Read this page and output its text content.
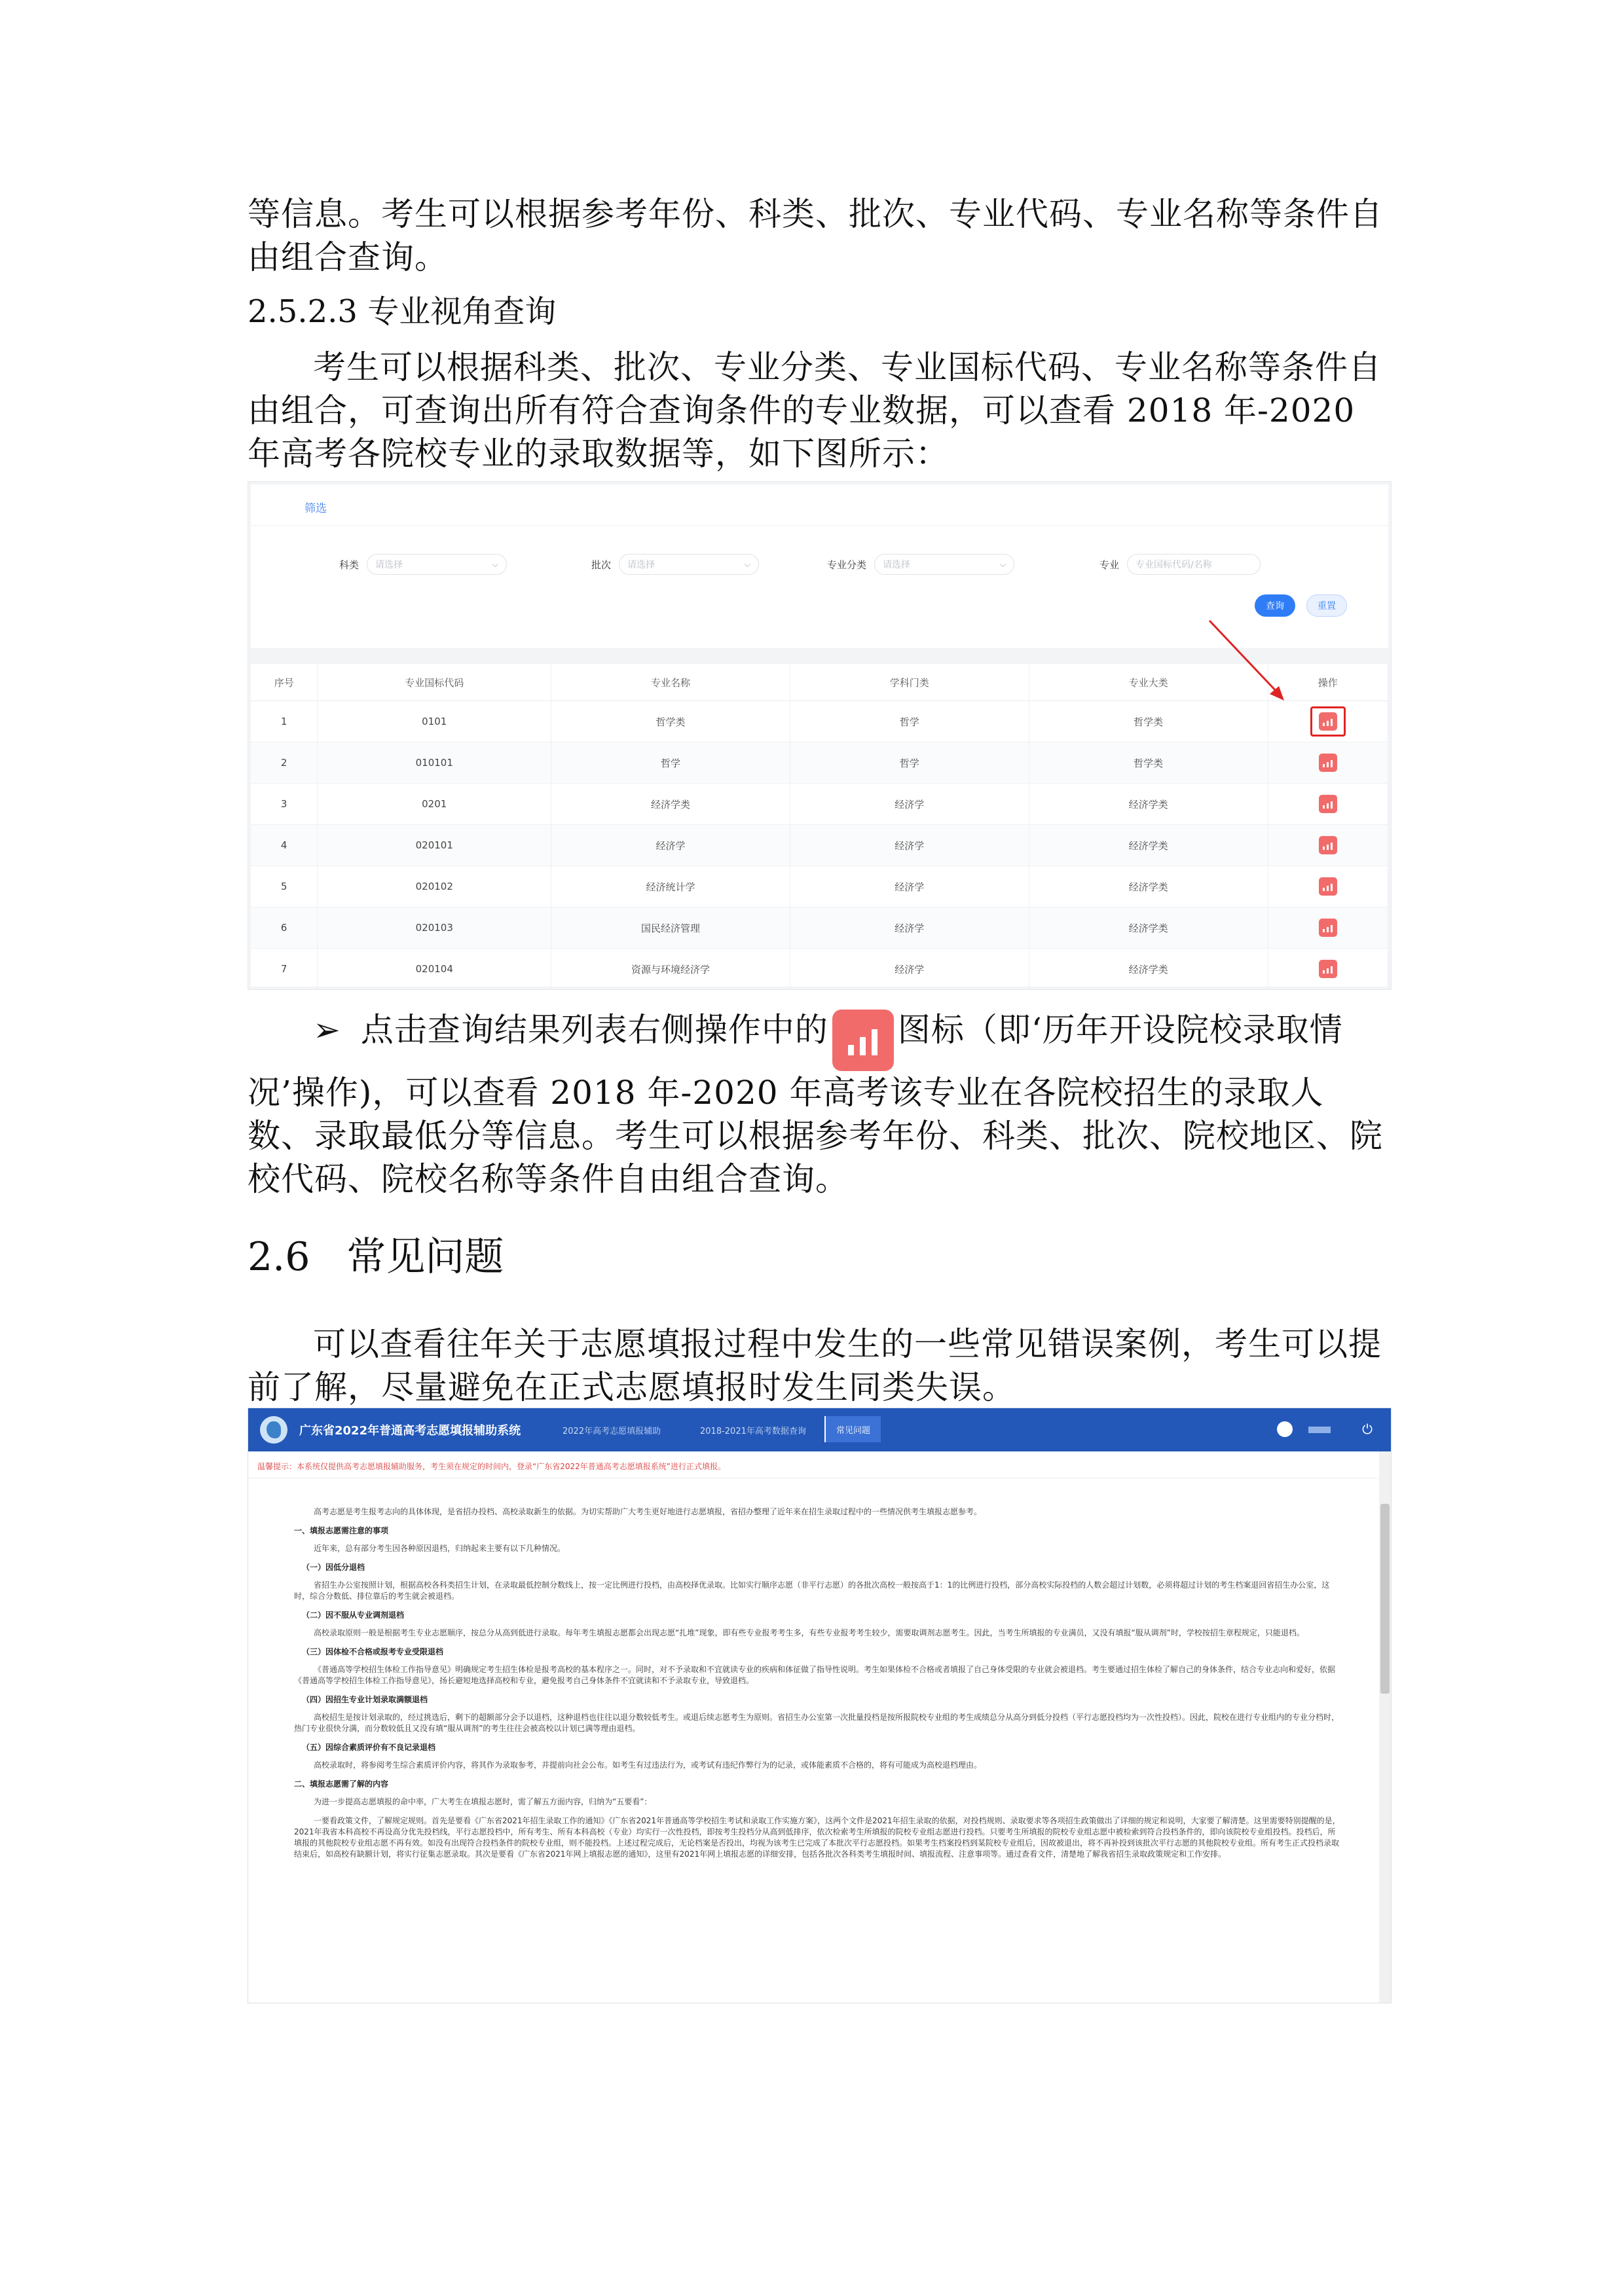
等信息。考生可以根据参考年份、科类、批次、专业代码、专业名称等条件自由组合查询。

2.5.2.3 专业视角查询

考生可以根据科类、批次、专业分类、专业国标代码、专业名称等条件自由组合，可查询出所有符合查询条件的专业数据，可以查看 2018 年-2020 年高考各院校专业的录取数据等，如下图所示：

筛选
科类 请选择	⌵	批次 请选择	⌵	专业分类 请选择	⌵	专业 专业国标代码/名称
查询	重置
序号	专业国标代码	专业名称	学科门类	专业大类	操作
1	0101	哲学类	哲学	哲学类	

2	010101	哲学	哲学	哲学类	

3	0201	经济学类	经济学	经济学类	

4	020101	经济学	经济学	经济学类	

5	020102	经济统计学	经济学	经济学类	

6	020103	国民经济管理	经济学	经济学类	

7	020104	资源与环境经济学	经济学	经济学类	

➢ 点击查询结果列表右侧操作中的 图标（即‘历年开设院校录取情况’操作)，可以查看 2018 年-2020 年高考该专业在各院校招生的录取人数、录取最低分等信息。考生可以根据参考年份、科类、批次、院校地区、院校代码、院校名称等条件自由组合查询。

2.6 常见问题

可以查看往年关于志愿填报过程中发生的一些常见错误案例，考生可以提前了解，尽量避免在正式志愿填报时发生同类失误。

广东省2022年普通高考志愿填报辅助系统	2022年高考志愿填报辅助	2018-2021年高考数据查询	常见问题	⏻
温馨提示：本系统仅提供高考志愿填报辅助服务，考生须在规定的时间内，登录“广东省2022年普通高考志愿填报系统”进行正式填报。

高考志愿是考生报考志向的具体体现，是省招办投档、高校录取新生的依据。为切实帮助广大考生更好地进行志愿填报，省招办整理了近年来在招生录取过程中的一些情况供考生填报志愿参考。

一、填报志愿需注意的事项

近年来，总有部分考生因各种原因退档，归纳起来主要有以下几种情况。

（一）因低分退档

省招生办公室按照计划，根据高校各科类招生计划，在录取最低控制分数线上，按一定比例进行投档，由高校择优录取。比如实行顺序志愿（非平行志愿）的各批次高校一般按高于1：1的比例进行投档，部分高校实际投档的人数会超过计划数，必须将超过计划的考生档案退回省招生办公室，这时，综合分数低、排位靠后的考生就会被退档。

（二）因不服从专业调剂退档

高校录取原则一般是根据考生专业志愿顺序，按总分从高到低进行录取。每年考生填报志愿都会出现志愿“扎堆”现象，即有些专业报考考生多，有些专业报考考生较少，需要取调剂志愿考生。因此，当考生所填报的专业满员，又没有填报“服从调剂”时，学校按招生章程规定，只能退档。

（三）因体检不合格或报考专业受限退档

《普通高等学校招生体检工作指导意见》明确规定考生招生体检是报考高校的基本程序之一。同时，对不予录取和不宜就读专业的疾病和体征做了指导性说明。考生如果体检不合格或者填报了自己身体受限的专业就会被退档。考生要通过招生体检了解自己的身体条件，结合专业志向和爱好，依据《普通高等学校招生体检工作指导意见》，扬长避短地选择高校和专业，避免报考自己身体条件不宜就读和不予录取专业，导致退档。

（四）因招生专业计划录取满额退档

高校招生是按计划录取的，经过挑选后，剩下的超额部分会予以退档，这种退档也往往以退分数较低考生。或退后续志愿考生为原则。省招生办公室第一次批量投档是按所报院校专业组的考生成绩总分从高分到低分投档（平行志愿投档均为一次性投档）。因此，院校在进行专业组内的专业分档时，热门专业很快分满，而分数较低且又没有填“服从调剂”的考生往往会被高校以计划已满等理由退档。

（五）因综合素质评价有不良记录退档

高校录取时，将参阅考生综合素质评价内容，将其作为录取参考，并提前向社会公布。如考生有过违法行为，或考试有违纪作弊行为的记录，或体能素质不合格的，将有可能成为高校退档理由。

二、填报志愿需了解的内容

为进一步提高志愿填报的命中率，广大考生在填报志愿时，需了解五方面内容，归纳为“五要看”：

一要看政策文件，了解规定规则。首先是要看《广东省2021年招生录取工作的通知》《广东省2021年普通高等学校招生考试和录取工作实施方案》，这两个文件是2021年招生录取的依据，对投档规则、录取要求等各项招生政策做出了详细的规定和说明，大家要了解清楚。这里需要特别提醒的是，2021年我省本科高校不再设高分优先投档线，平行志愿投档中，所有考生、所有本科高校（专业）均实行一次性投档，即按考生投档分从高到低排序，依次检索考生所填报的院校专业组志愿进行投档。只要考生所填报的院校专业组志愿中被检索到符合投档条件的，即向该院校专业组投档。投档后，所填报的其他院校专业组志愿不再有效。如没有出现符合投档条件的院校专业组，则不能投档。上述过程完成后，无论档案是否投出，均视为该考生已完成了本批次平行志愿投档。如果考生档案投档到某院校专业组后，因故被退出，将不再补投到该批次平行志愿的其他院校专业组。所有考生正式投档录取结束后，如高校有缺额计划，将实行征集志愿录取。其次是要看《广东省2021年网上填报志愿的通知》，这里有2021年网上填报志愿的详细安排，包括各批次各科类考生填报时间、填报流程、注意事项等。通过查看文件，清楚地了解我省招生录取政策规定和工作安排。
